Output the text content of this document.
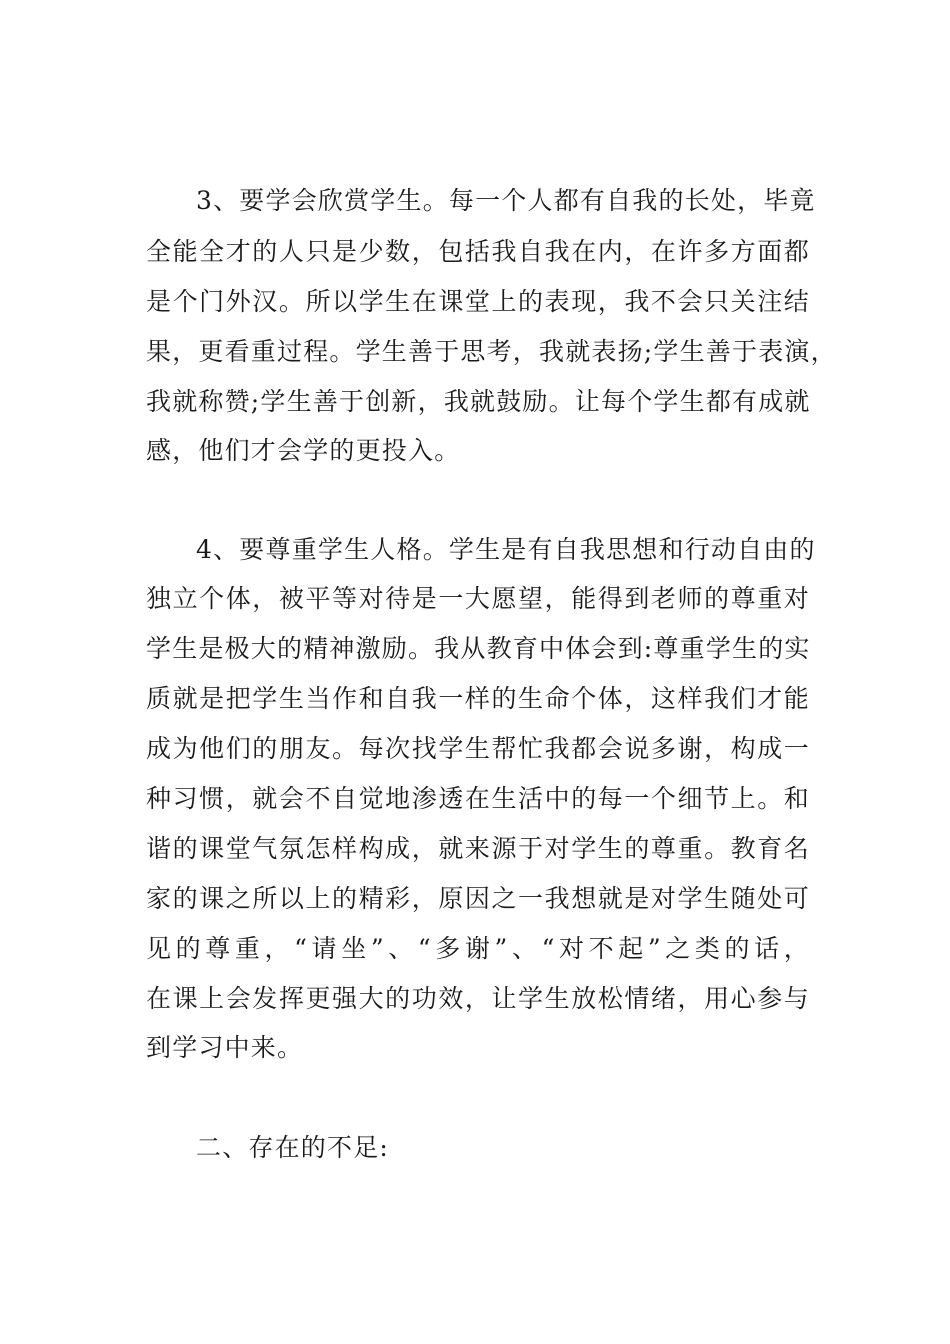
3、要学会欣赏学生。每一个人都有自我的长处，毕竟

全能全才的人只是少数，包括我自我在内，在许多方面都

是个门外汉。所以学生在课堂上的表现，我不会只关注结

果，更看重过程。学生善于思考，我就表扬;学生善于表演，

我就称赞;学生善于创新，我就鼓励。让每个学生都有成就

感，他们才会学的更投入。

4、要尊重学生人格。学生是有自我思想和行动自由的

独立个体，被平等对待是一大愿望，能得到老师的尊重对

学生是极大的精神激励。我从教育中体会到:尊重学生的实

质就是把学生当作和自我一样的生命个体，这样我们才能

成为他们的朋友。每次找学生帮忙我都会说多谢，构成一

种习惯，就会不自觉地渗透在生活中的每一个细节上。和

谐的课堂气氛怎样构成，就来源于对学生的尊重。教育名

家的课之所以上的精彩，原因之一我想就是对学生随处可

见的尊重，“请坐”、“多谢”、“对不起”之类的话，

在课上会发挥更强大的功效，让学生放松情绪，用心参与

到学习中来。

二、存在的不足:
